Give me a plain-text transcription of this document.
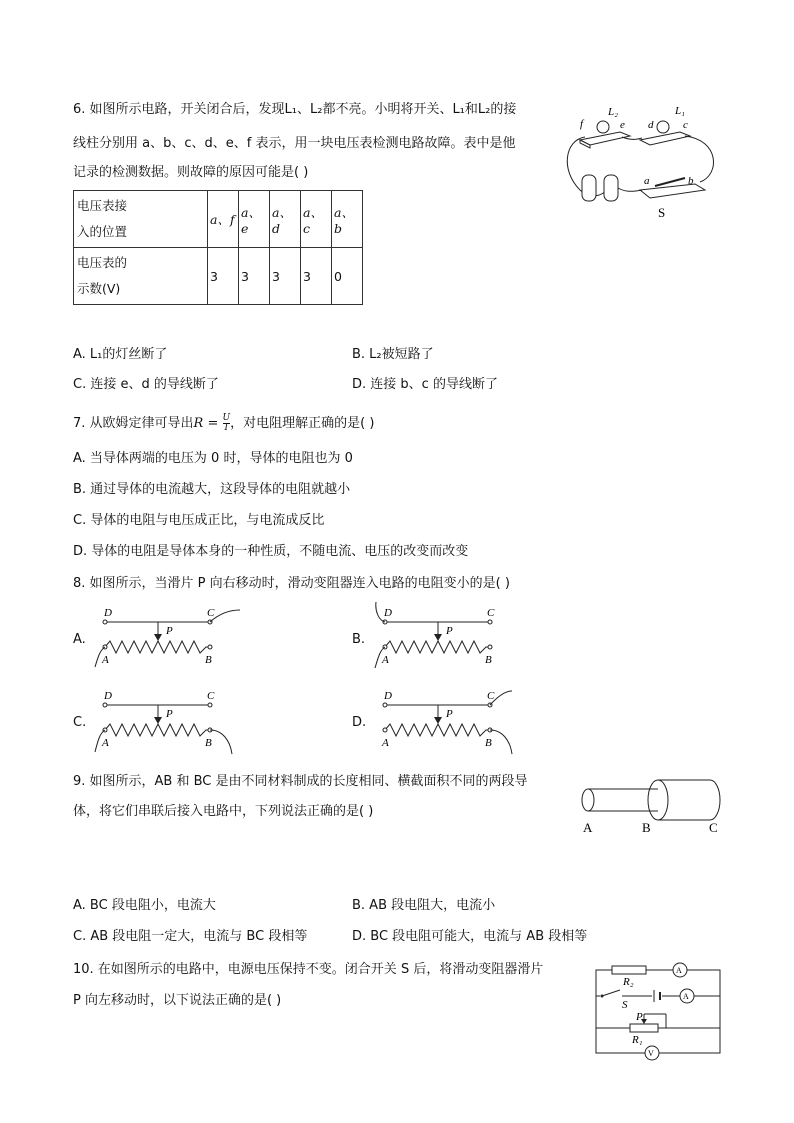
6. 如图所示电路，开关闭合后，发现L₁、L₂都不亮。小明将开关、L₁和L₂的接
线柱分别用 a、b、c、d、e、f 表示，用一块电压表检测电路故障。表中是他
记录的检测数据。则故障的原因可能是( )
电压表接
入的位置	a、f	a、e	a、d	a、c	a、b

电压表的
示数(V)	3	3	3	3	0
f
L₂
e d
L₁
c
a	b
S
A. L₁的灯丝断了	B. L₂被短路了
C. 连接 e、d 的导线断了	D. 连接 b、c 的导线断了
7. 从欧姆定律可导出$R = \frac{U}{I}$ ，对电阻理解正确的是( )
A. 当导体两端的电压为 0 时，导体的电阻也为 0
B. 通过导体的电流越大，这段导体的电阻就越小
C. 导体的电阻与电压成正比，与电流成反比
D. 导体的电阻是导体本身的一种性质，不随电流、电压的改变而改变
8. 如图所示，当滑片 P 向右移动时，滑动变阻器连入电路的电阻变小的是( )
A.	B.
C.	D.
D	C
P
A	B
D	C
P
A	B
D	C
P
A	B
D	C
P
A	B
9. 如图所示，AB 和 BC 是由不同材料制成的长度相同、横截面积不同的两段导
体，将它们串联后接入电路中，下列说法正确的是( )
A	B	C
A. BC 段电阻小，电流大	B. AB 段电阻大，电流小
C. AB 段电阻一定大，电流与 BC 段相等	D. BC 段电阻可能大，电流与 AB 段相等
10. 在如图所示的电路中，电源电压保持不变。闭合开关 S 后，将滑动变阻器滑片
P 向左移动时，以下说法正确的是( )
R₂
S
P
R₁
A
A
V
